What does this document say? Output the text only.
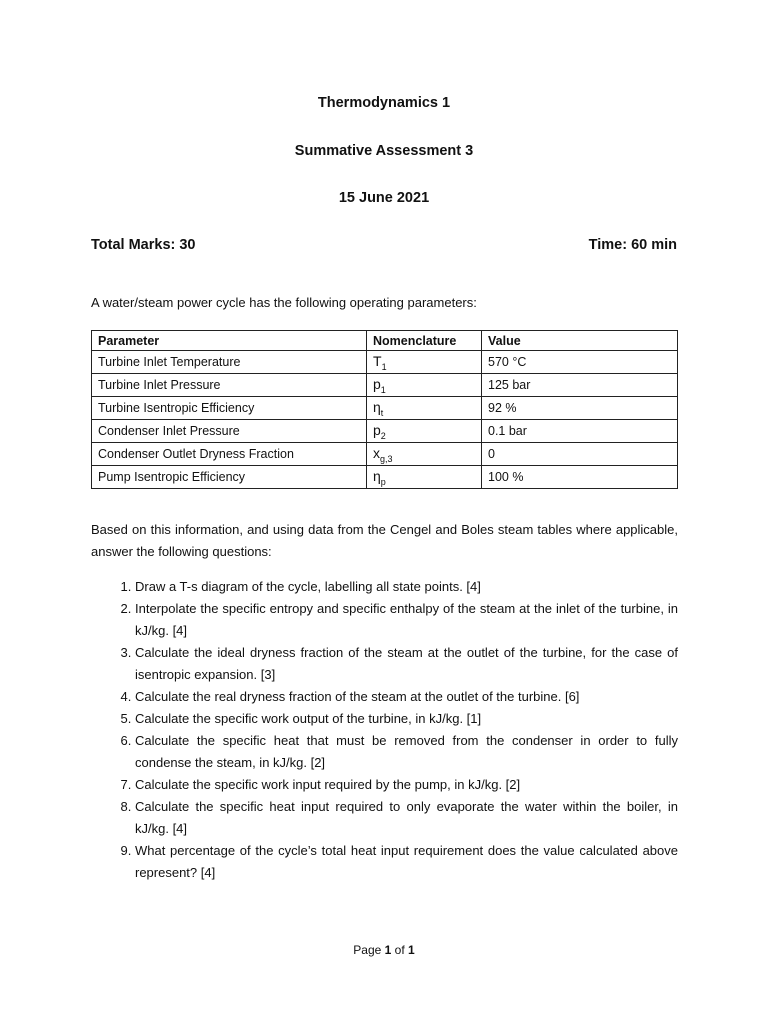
Thermodynamics 1
Summative Assessment 3
15 June 2021
Total Marks: 30	Time: 60 min
A water/steam power cycle has the following operating parameters:
Parameter	Nomenclature	Value
Turbine Inlet Temperature	$T_1$	570 °C
Turbine Inlet Pressure	$p_1$	125 bar
Turbine Isentropic Efficiency	$\eta_t$	92 %
Condenser Inlet Pressure	$p_2$	0.1 bar
Condenser Outlet Dryness Fraction	$x_{g,3}$	0
Pump Isentropic Efficiency	$\eta_p$	100 %
Based on this information, and using data from the Cengel and Boles steam tables where applicable, answer the following questions:
1. Draw a T-s diagram of the cycle, labelling all state points. [4]
2. Interpolate the specific entropy and specific enthalpy of the steam at the inlet of the turbine, in kJ/kg. [4]
3. Calculate the ideal dryness fraction of the steam at the outlet of the turbine, for the case of isentropic expansion. [3]
4. Calculate the real dryness fraction of the steam at the outlet of the turbine. [6]
5. Calculate the specific work output of the turbine, in kJ/kg. [1]
6. Calculate the specific heat that must be removed from the condenser in order to fully condense the steam, in kJ/kg. [2]
7. Calculate the specific work input required by the pump, in kJ/kg. [2]
8. Calculate the specific heat input required to only evaporate the water within the boiler, in kJ/kg. [4]
9. What percentage of the cycle’s total heat input requirement does the value calculated above represent? [4]
Page 1 of 1
